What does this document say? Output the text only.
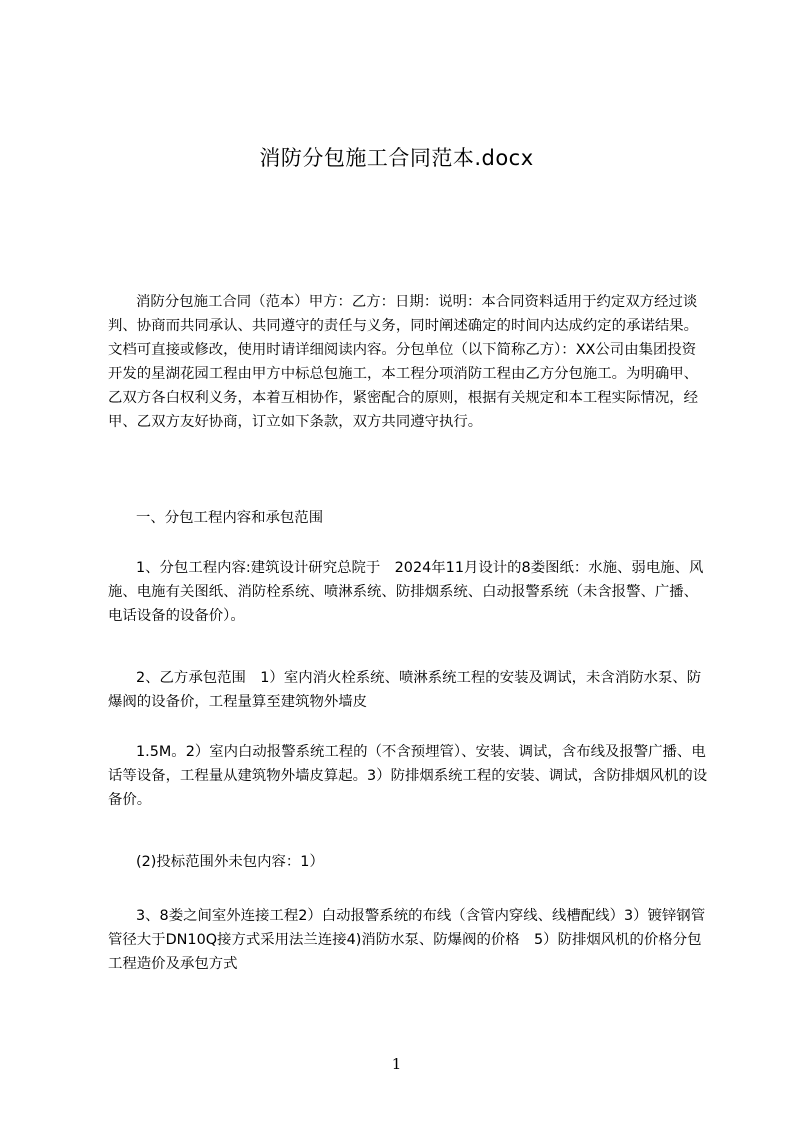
消防分包施工合同范本.docx

消防分包施工合同（范本）甲方：乙方：日期：说明：本合同资料适用于约定双方经过谈判、协商而共同承认、共同遵守的责任与义务，同时阐述确定的时间内达成约定的承诺结果。文档可直接或修改，使用时请详细阅读内容。分包单位（以下简称乙方）：XX公司由集团投资开发的星湖花园工程由甲方中标总包施工，本工程分项消防工程由乙方分包施工。为明确甲、乙双方各白权利义务，本着互相协作，紧密配合的原则，根据有关规定和本工程实际情况，经甲、乙双方友好协商，订立如下条款，双方共同遵守执行。

一、分包工程内容和承包范围

1、分包工程内容:建筑设计研究总院于　2024年11月设计的8娄图纸：水施、弱电施、风施、电施有关图纸、消防栓系统、喷淋系统、防排烟系统、白动报警系统（未含报警、广播、电话设备的设备价）。

2、乙方承包范围　1）室内消火栓系统、喷淋系统工程的安装及调试，未含消防水泵、防爆阀的设备价，工程量算至建筑物外墙皮

1.5M。2）室内白动报警系统工程的（不含预埋管）、安装、调试，含布线及报警广播、电话等设备，工程量从建筑物外墙皮算起。3）防排烟系统工程的安装、调试，含防排烟风机的设备价。

(2)投标范围外未包内容：1）

3、8娄之间室外连接工程2）白动报警系统的布线（含管内穿线、线槽配线）3）镀锌钢管管径大于DN10Q接方式采用法兰连接4)消防水泵、防爆阀的价格　5）防排烟风机的价格分包工程造价及承包方式

1
